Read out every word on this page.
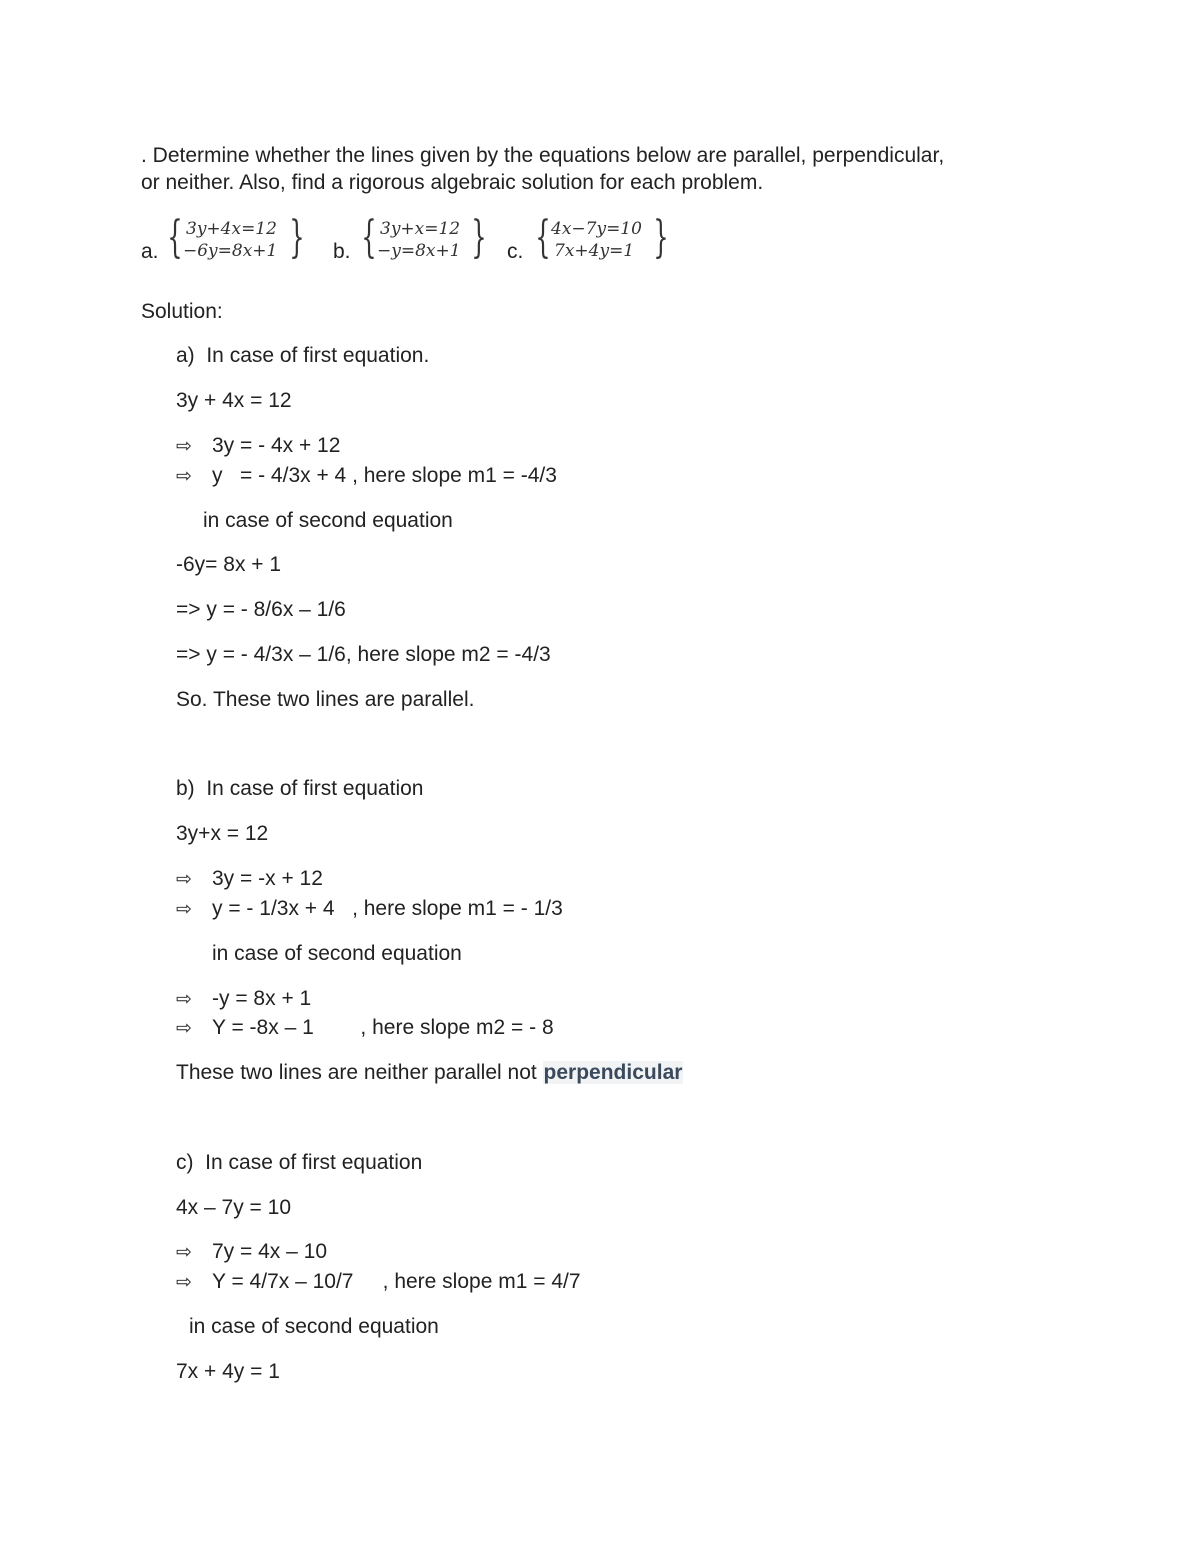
. Determine whether the lines given by the equations below are parallel, perpendicular,
or neither. Also, find a rigorous algebraic solution for each problem.
a. { 3y+4x=12
−6y=8x+1 } b. { 3y+x=12
−y=8x+1 } c. { 4x−7y=10
7x+4y=1 }
Solution:
a)  In case of first equation.
3y + 4x = 12
⇨ 3y = - 4x + 12
⇨ y   = - 4/3x + 4 , here slope m1 = -4/3
in case of second equation
-6y= 8x + 1
=> y = - 8/6x – 1/6
=> y = - 4/3x – 1/6, here slope m2 = -4/3
So. These two lines are parallel.
b)  In case of first equation
3y+x = 12
⇨ 3y = -x + 12
⇨ y = - 1/3x + 4   , here slope m1 = - 1/3
in case of second equation
⇨ -y = 8x + 1
⇨ Y = -8x – 1        , here slope m2 = - 8
These two lines are neither parallel not perpendicular
c)  In case of first equation
4x – 7y = 10
⇨ 7y = 4x – 10
⇨ Y = 4/7x – 10/7     , here slope m1 = 4/7
in case of second equation
7x + 4y = 1
